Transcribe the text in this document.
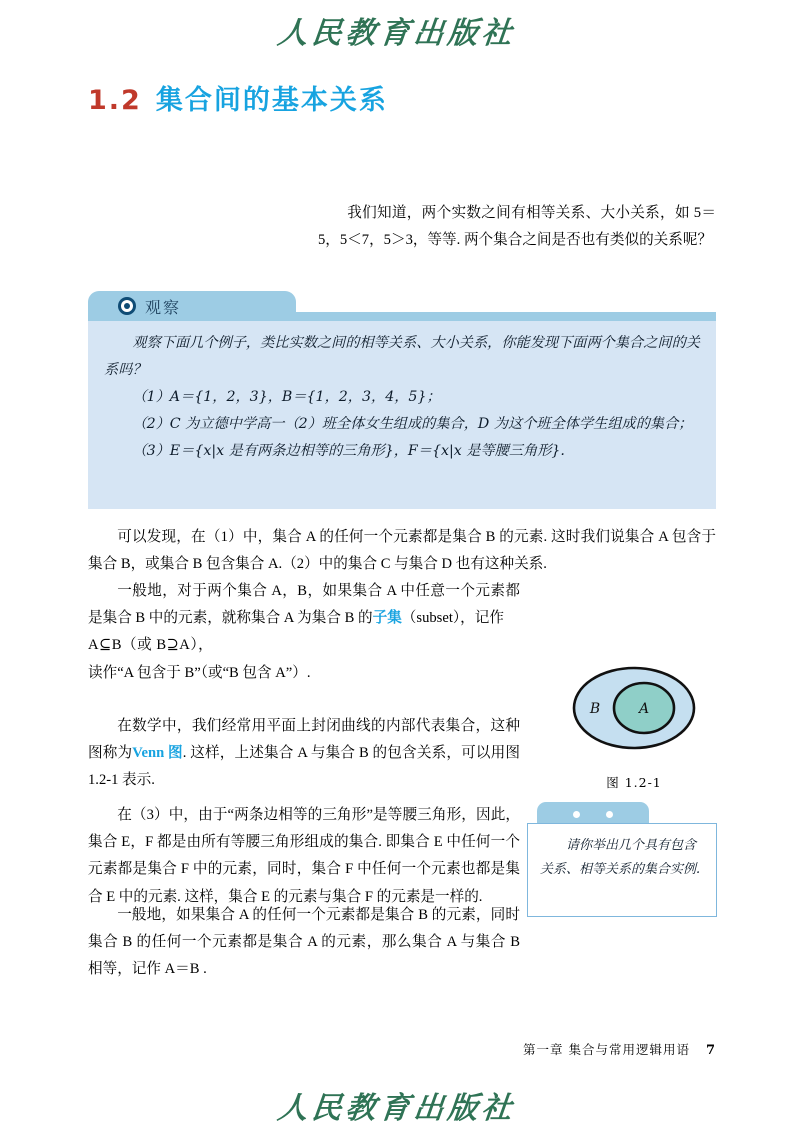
人民教育出版社
1.2 集合间的基本关系

我们知道，两个实数之间有相等关系、大小关系，如 5＝5，5＜7，5＞3，等等. 两个集合之间是否也有类似的关系呢？

观察

观察下面几个例子，类比实数之间的相等关系、大小关系，你能发现下面两个集合之间的关系吗？

（1）A＝{1，2，3}，B＝{1，2，3，4，5}；

（2）C 为立德中学高一（2）班全体女生组成的集合，D 为这个班全体学生组成的集合；

（3）E＝{x|x 是有两条边相等的三角形}，F＝{x|x 是等腰三角形}.

可以发现，在（1）中，集合 A 的任何一个元素都是集合 B 的元素. 这时我们说集合 A 包含于集合 B，或集合 B 包含集合 A.（2）中的集合 C 与集合 D 也有这种关系.

一般地，对于两个集合 A，B，如果集合 A 中任意一个元素都是集合 B 中的元素，就称集合 A 为集合 B 的子集（subset），记作

A⊆B（或 B⊇A），

读作“A 包含于 B”（或“B 包含 A”）.

在数学中，我们经常用平面上封闭曲线的内部代表集合，这种图称为Venn 图. 这样，上述集合 A 与集合 B 的包含关系，可以用图 1.2-1 表示.

在（3）中，由于“两条边相等的三角形”是等腰三角形，因此，集合 E，F 都是由所有等腰三角形组成的集合. 即集合 E 中任何一个元素都是集合 F 中的元素，同时，集合 F 中任何一个元素也都是集合 E 中的元素. 这样，集合 E 的元素与集合 F 的元素是一样的.

一般地，如果集合 A 的任何一个元素都是集合 B 的元素，同时集合 B 的任何一个元素都是集合 A 的元素，那么集合 A 与集合 B 相等，记作 A＝B .

B	A
图 1.2-1

请你举出几个具有包含关系、相等关系的集合实例.

第一章 集合与常用逻辑用语 7
人民教育出版社
